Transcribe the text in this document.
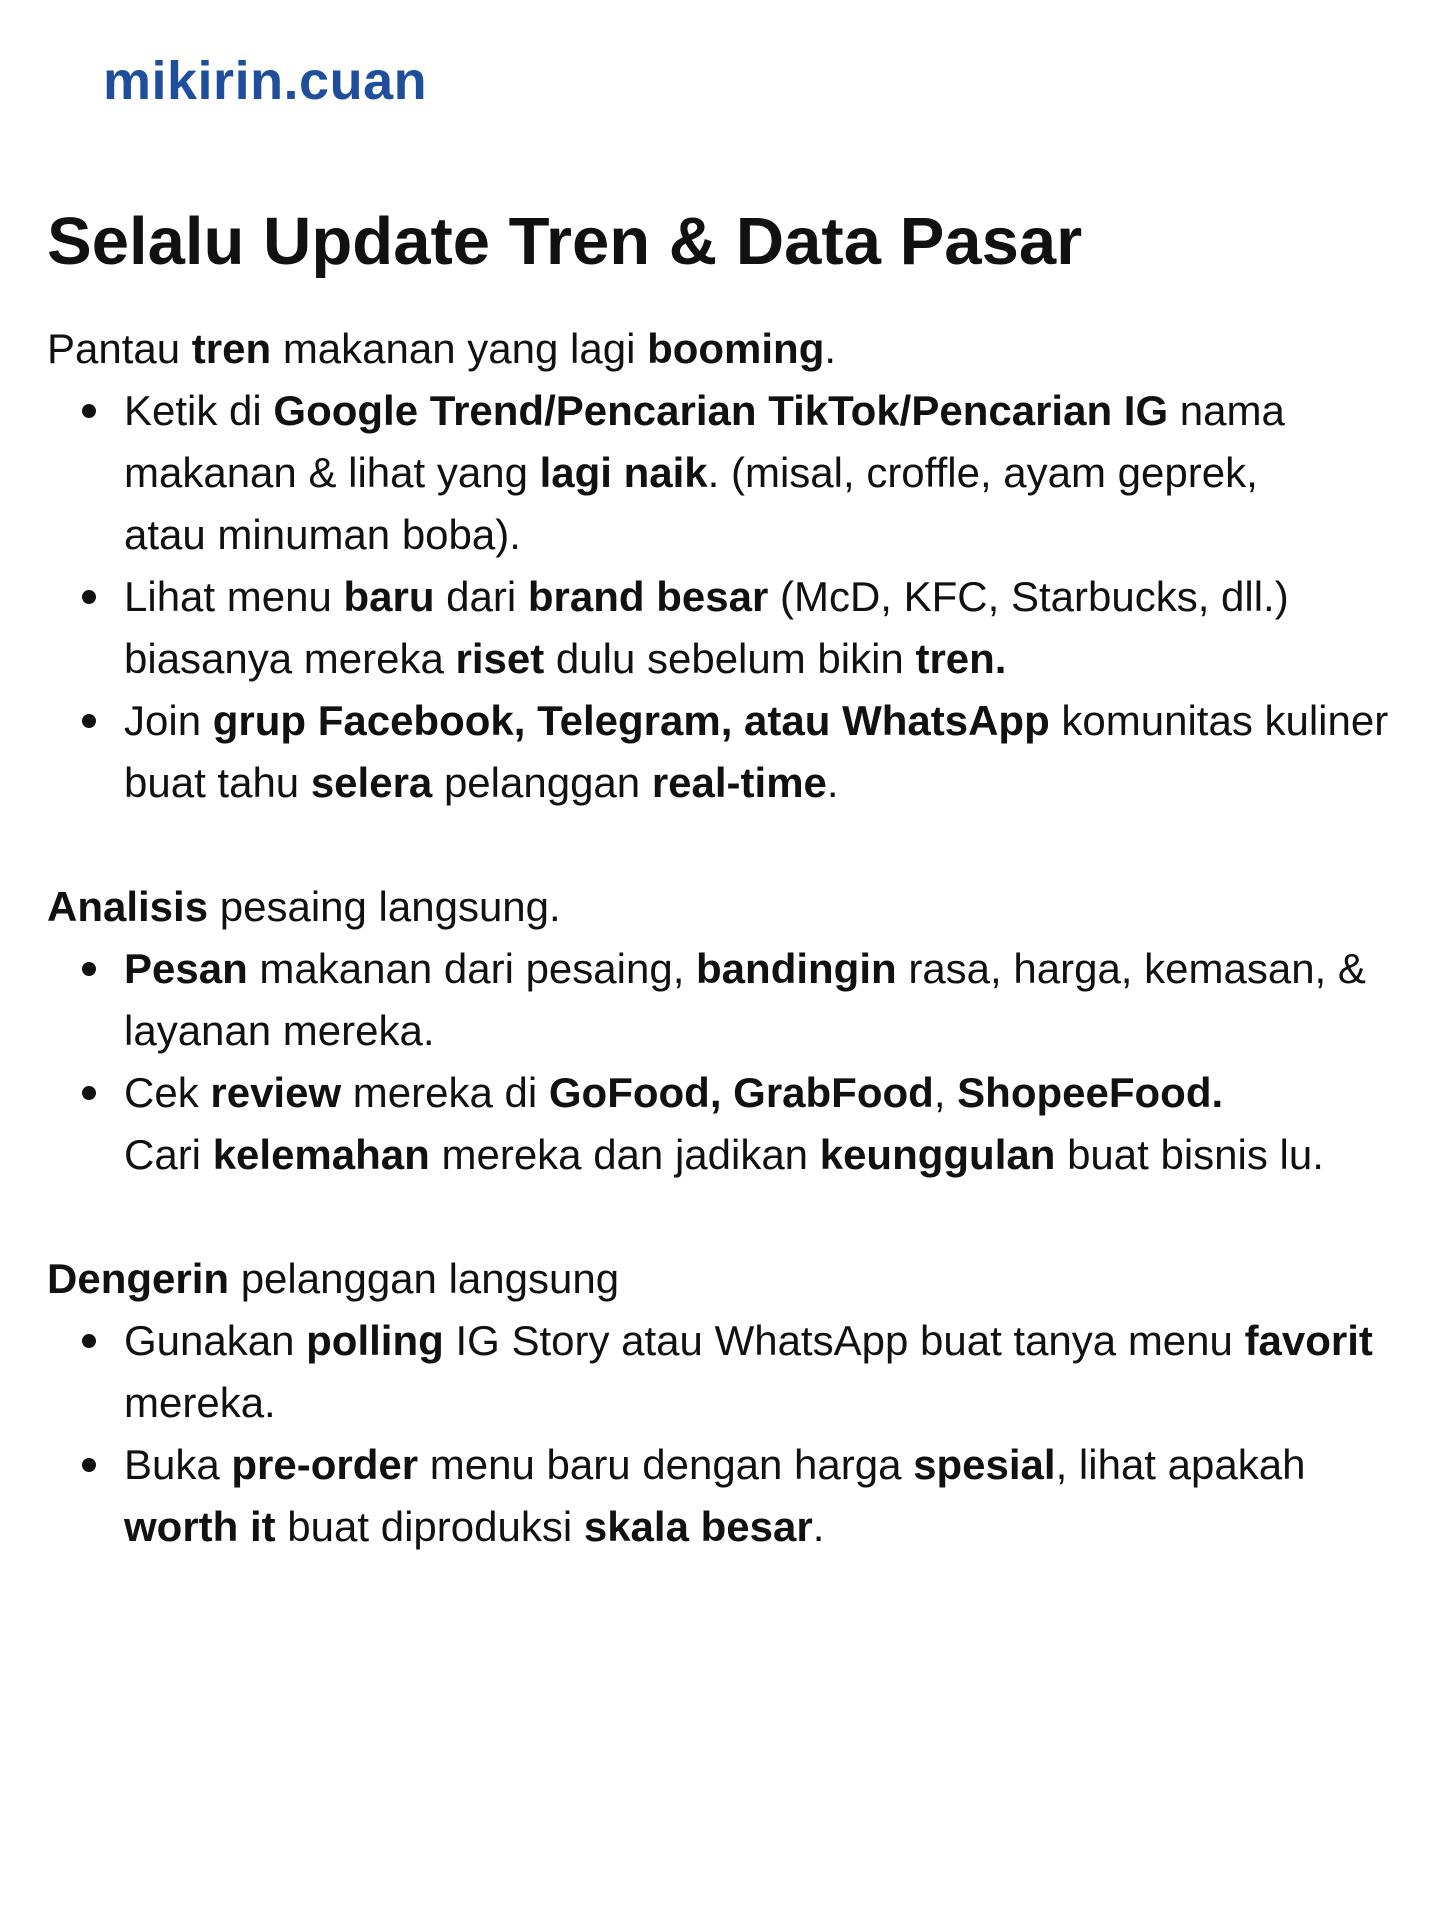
mikirin.cuan
Selalu Update Tren & Data Pasar

Pantau tren makanan yang lagi booming.

Ketik di Google Trend/Pencarian TikTok/Pencarian IG nama
makanan & lihat yang lagi naik. (misal, croffle, ayam geprek,
atau minuman boba).
Lihat menu baru dari brand besar (McD, KFC, Starbucks, dll.)
biasanya mereka riset dulu sebelum bikin tren.
Join grup Facebook, Telegram, atau WhatsApp komunitas kuliner
buat tahu selera pelanggan real-time.

Analisis pesaing langsung.

Pesan makanan dari pesaing, bandingin rasa, harga, kemasan, &
layanan mereka.
Cek review mereka di GoFood, GrabFood, ShopeeFood.
Cari kelemahan mereka dan jadikan keunggulan buat bisnis lu.

Dengerin pelanggan langsung

Gunakan polling IG Story atau WhatsApp buat tanya menu favorit
mereka.
Buka pre-order menu baru dengan harga spesial, lihat apakah
worth it buat diproduksi skala besar.
